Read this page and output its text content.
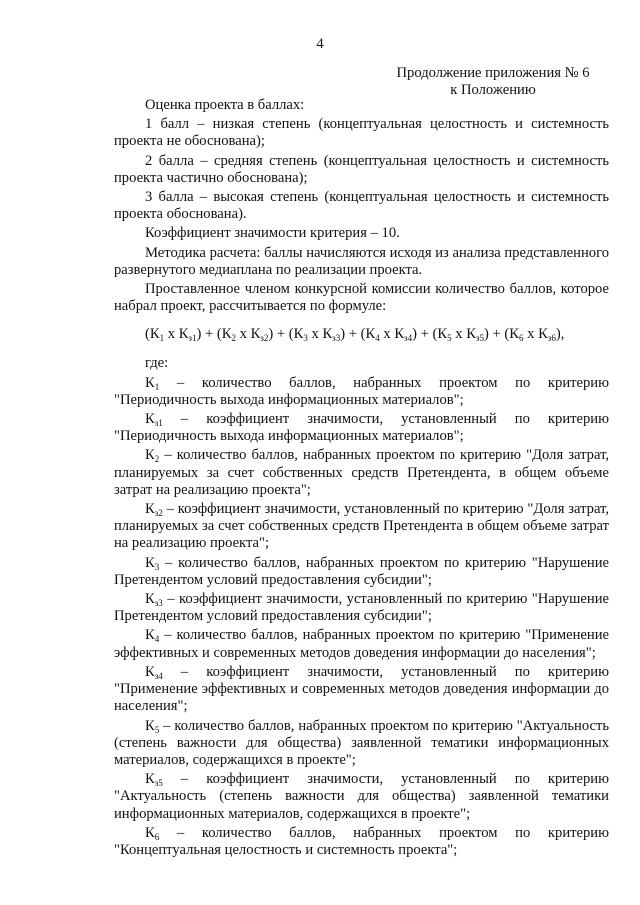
4
Продолжение приложения № 6
к Положению

Оценка проекта в баллах:

1 балл – низкая степень (концептуальная целостность и системность проекта не обоснована);

2 балла – средняя степень (концептуальная целостность и системность проекта частично обоснована);

3 балла – высокая степень (концептуальная целостность и системность проекта обоснована).

Коэффициент значимости критерия – 10.

Методика расчета: баллы начисляются исходя из анализа представленного развернутого медиаплана по реализации проекта.

Проставленное членом конкурсной комиссии количество баллов, которое набрал проект, рассчитывается по формуле:

($К_1$ х $К_{з1}) + (К_2$ х $К_{з2}) + (К_3$ х $К_{з3}) + (К_4$ х $К_{з4}) + (К_5$ х $К_{з5}) + (К_6$ х $К_{з6}$),

где:

$К_1$ – количество баллов, набранных проектом по критерию "Периодичность выхода информационных материалов";

$К_{з1}$ – коэффициент значимости, установленный по критерию "Периодичность выхода информационных материалов";

$К_2$ – количество баллов, набранных проектом по критерию "Доля затрат, планируемых за счет собственных средств Претендента, в общем объеме затрат на реализацию проекта";

$К_{з2}$ – коэффициент значимости, установленный по критерию "Доля затрат, планируемых за счет собственных средств Претендента в общем объеме затрат на реализацию проекта";

$К_3$ – количество баллов, набранных проектом по критерию "Нарушение Претендентом условий предоставления субсидии";

$К_{з3}$ – коэффициент значимости, установленный по критерию "Нарушение Претендентом условий предоставления субсидии";

$К_4$ – количество баллов, набранных проектом по критерию "Применение эффективных и современных методов доведения информации до населения";

$К_{з4}$ – коэффициент значимости, установленный по критерию "Применение эффективных и современных методов доведения информации до населения";

$К_5$ – количество баллов, набранных проектом по критерию "Актуальность (степень важности для общества) заявленной тематики информационных материалов, содержащихся в проекте";

$К_{з5}$ – коэффициент значимости, установленный по критерию "Актуальность (степень важности для общества) заявленной тематики информационных материалов, содержащихся в проекте";

$К_6$ – количество баллов, набранных проектом по критерию "Концептуальная целостность и системность проекта";
